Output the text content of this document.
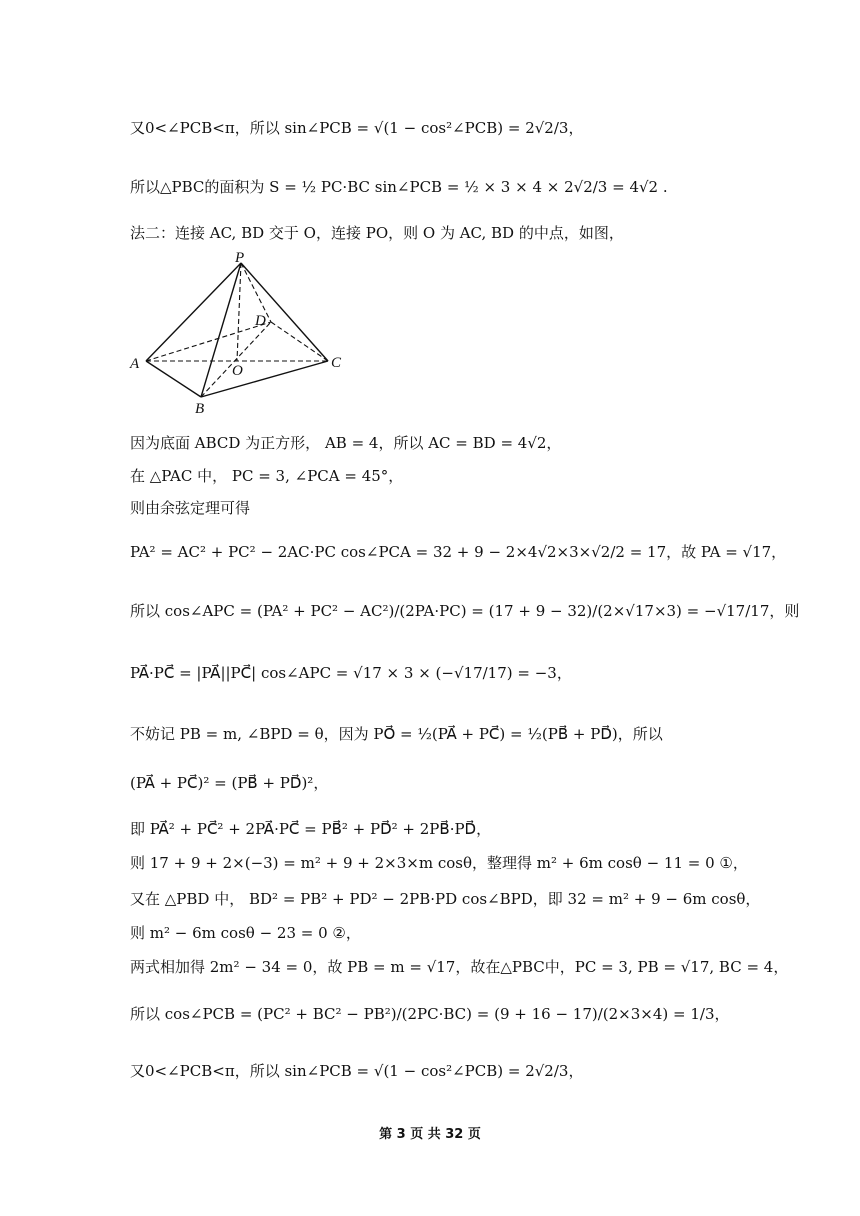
又0<∠PCB<π，所以 sin∠PCB = √(1 − cos²∠PCB) = 2√2/3，
所以△PBC的面积为 S = ½ PC·BC sin∠PCB = ½ × 3 × 4 × 2√2/3 = 4√2 .
法二：连接 AC, BD 交于 O，连接 PO，则 O 为 AC, BD 的中点，如图，
P
A
B
C
D
O
因为底面 ABCD 为正方形， AB = 4，所以 AC = BD = 4√2，
在 △PAC 中， PC = 3, ∠PCA = 45°，
则由余弦定理可得
PA² = AC² + PC² − 2AC·PC cos∠PCA = 32 + 9 − 2×4√2×3×√2/2 = 17，故 PA = √17，
所以 cos∠APC = (PA² + PC² − AC²)/(2PA·PC) = (17 + 9 − 32)/(2×√17×3) = −√17/17，则
PA⃗·PC⃗ = |PA⃗||PC⃗| cos∠APC = √17 × 3 × (−√17/17) = −3，
不妨记 PB = m, ∠BPD = θ，因为 PO⃗ = ½(PA⃗ + PC⃗) = ½(PB⃗ + PD⃗)，所以
(PA⃗ + PC⃗)² = (PB⃗ + PD⃗)²，
即 PA⃗² + PC⃗² + 2PA⃗·PC⃗ = PB⃗² + PD⃗² + 2PB⃗·PD⃗，
则 17 + 9 + 2×(−3) = m² + 9 + 2×3×m cosθ，整理得 m² + 6m cosθ − 11 = 0 ①，
又在 △PBD 中， BD² = PB² + PD² − 2PB·PD cos∠BPD，即 32 = m² + 9 − 6m cosθ，
则 m² − 6m cosθ − 23 = 0 ②，
两式相加得 2m² − 34 = 0，故 PB = m = √17，故在△PBC中，PC = 3, PB = √17, BC = 4，
所以 cos∠PCB = (PC² + BC² − PB²)/(2PC·BC) = (9 + 16 − 17)/(2×3×4) = 1/3，
又0<∠PCB<π，所以 sin∠PCB = √(1 − cos²∠PCB) = 2√2/3，
第 3 页 共 32 页
